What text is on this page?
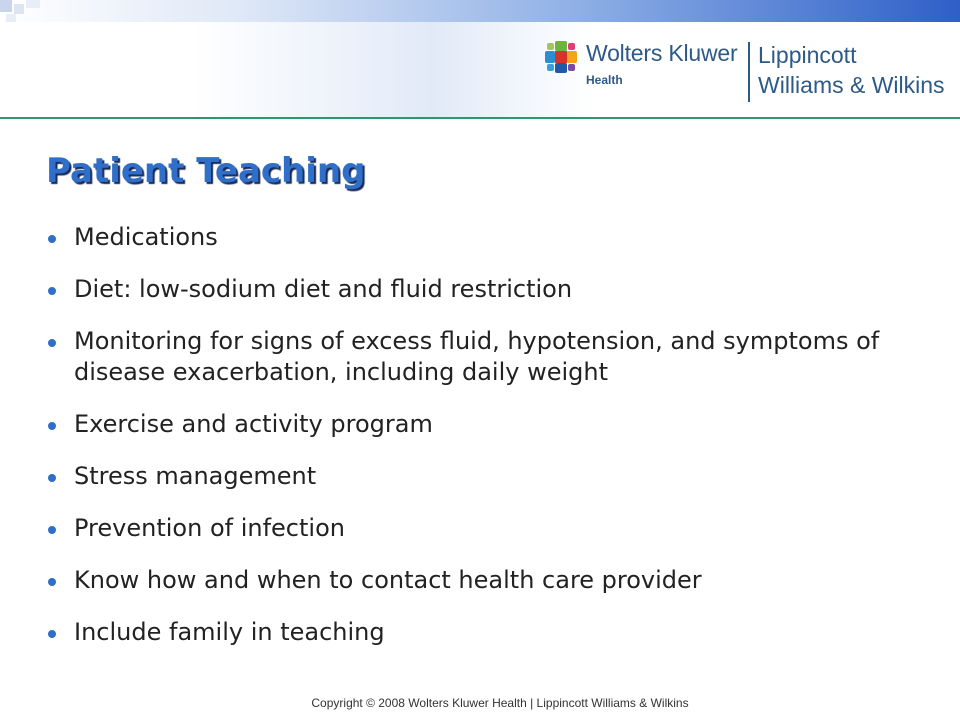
Wolters Kluwer
Health
Lippincott
Williams & Wilkins
Patient Teaching
Medications
Diet: low-sodium diet and fluid restriction
Monitoring for signs of excess fluid, hypotension, and symptoms of disease exacerbation, including daily weight
Exercise and activity program
Stress management
Prevention of infection
Know how and when to contact health care provider
Include family in teaching
Copyright © 2008 Wolters Kluwer Health | Lippincott Williams & Wilkins
